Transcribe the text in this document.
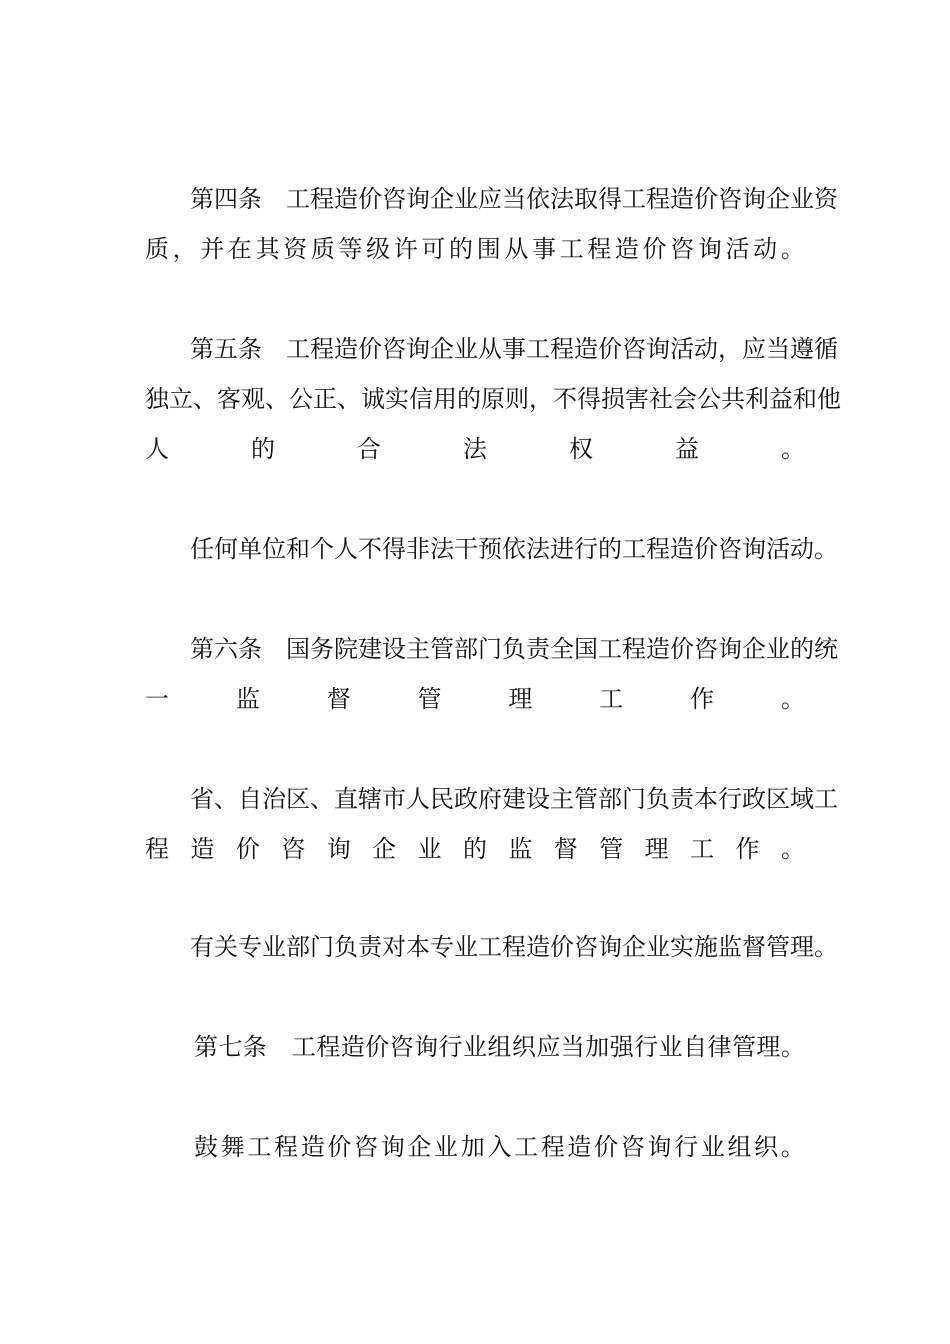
第 四 条
　 工 程 造 价 咨 询 企 业 应 当 依 法 取 得 工 程 造 价 咨 询 企 业 资
质 ， 并 在 其 资 质 等 级 许 可 的 围 从 事 工 程 造 价 咨 询 活 动 。
第 五 条
　 工 程 造 价 咨 询 企 业 从 事 工 程 造 价 咨 询 活 动 ， 应 当 遵 循
独 立 、 客 观 、 公 正 、 诚 实 信 用 的 原 则 ， 不 得 损 害 社 会 公 共 利 益 和 他
人	的	合	法	权	益	。
任 何 单 位 和 个 人 不 得 非 法 干 预 依 法 进 行 的 工 程 造 价 咨 询 活 动 。
第 六 条
　 国 务 院 建 设 主 管 部 门 负 责 全 国 工 程 造 价 咨 询 企 业 的 统
一	监	督	管	理	工	作	。
省 、 自 治 区 、 直 辖 市 人 民 政 府 建 设 主 管 部 门 负 责 本 行 政 区 域 工
程 造 价 咨 询 企 业 的 监 督 管 理 工 作 。
有 关 专 业 部 门 负 责 对 本 专 业 工 程 造 价 咨 询 企 业 实 施 监 督 管 理 。
第 七 条
　 工 程 造 价 咨 询 行 业 组 织 应 当 加 强 行 业 自 律 管 理 。
鼓 舞 工 程 造 价 咨 询 企 业 加 入 工 程 造 价 咨 询 行 业 组 织 。
